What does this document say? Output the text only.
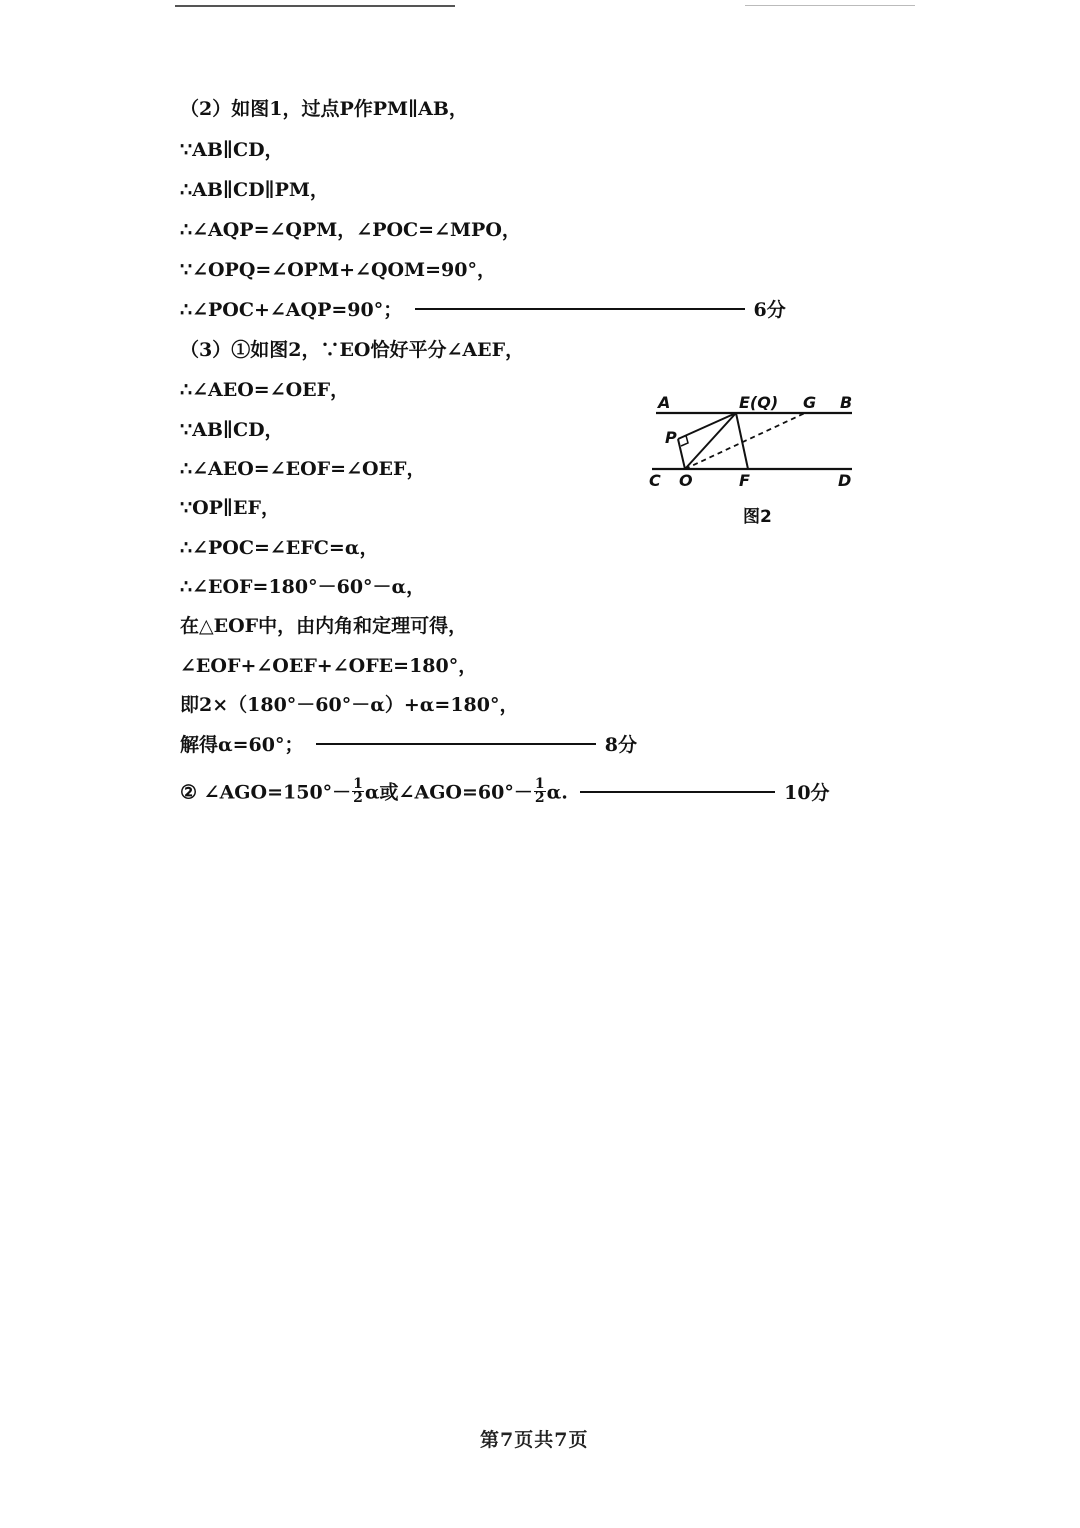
（2）如图1，过点P作PM∥AB，
∵AB∥CD，
∴AB∥CD∥PM，
∴∠AQP=∠QPM，∠POC=∠MPO，
∵∠OPQ=∠OPM+∠QOM=90°，
∴∠POC+∠AQP=90°；	6分
（3）①如图2，∵EO恰好平分∠AEF，
∴∠AEO=∠OEF，
∵AB∥CD，
∴∠AEO=∠EOF=∠OEF，
∵OP∥EF，
∴∠POC=∠EFC=α，
∴∠EOF=180°－60°－α，
在△EOF中，由内角和定理可得，
∠EOF+∠OEF+∠OFE=180°，
即2×（180°－60°－α）+α=180°，
解得α=60°；	8分
② ∠AGO=150°－ $\frac{1}{2}$ α或∠AGO=60°－ $\frac{1}{2} \alpha$.	10分
A	E(Q) G B
P
C O	F	D
图2
第7页共7页
